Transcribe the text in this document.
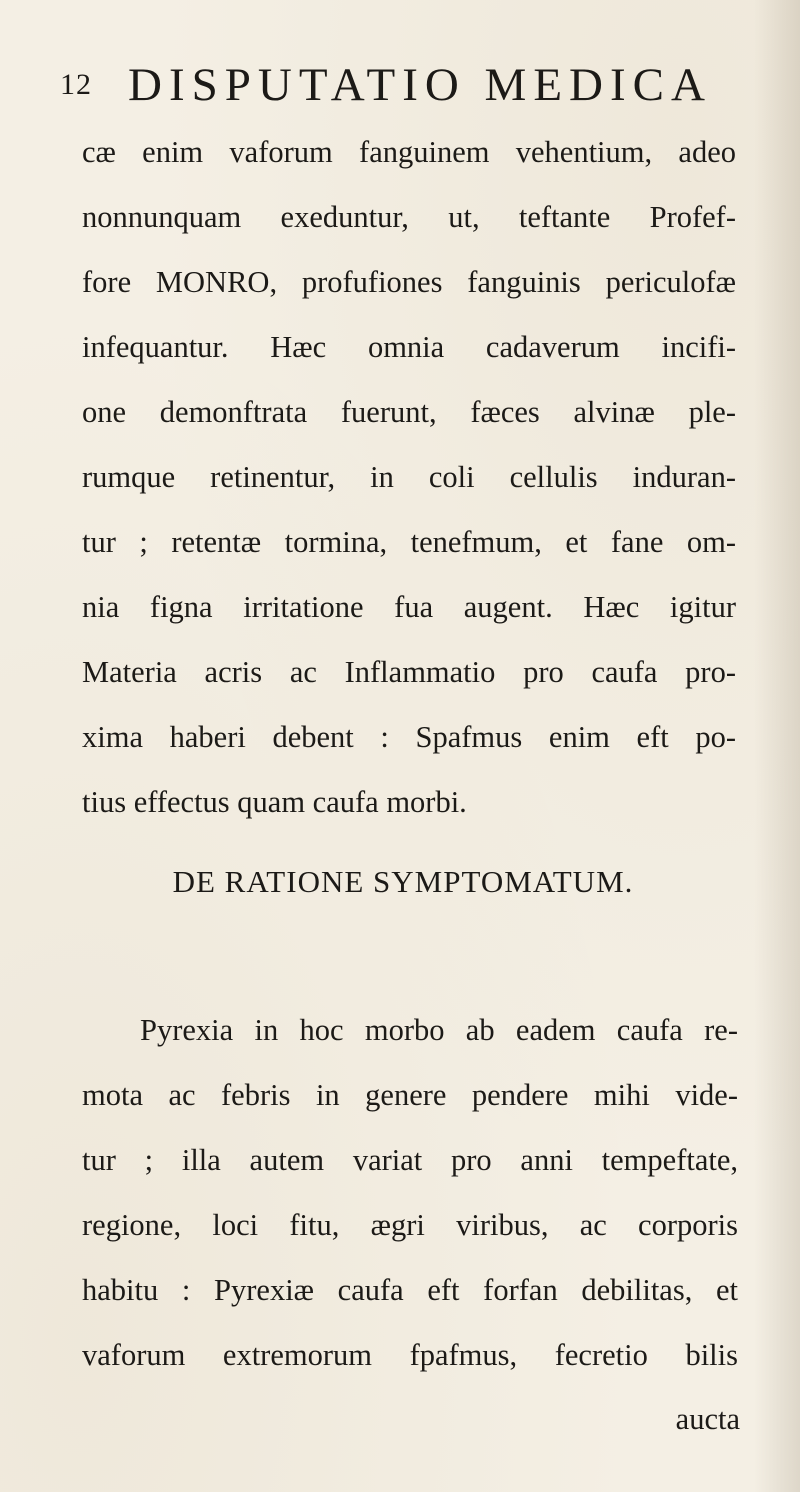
12 DISPUTATIO MEDICA
cæ enim vaforum fanguinem vehentium, adeo
nonnunquam exeduntur, ut, teftante Profef-
fore MONRO, profufiones fanguinis periculofæ
infequantur. Hæc omnia cadaverum incifi-
one demonftrata fuerunt, fæces alvinæ ple-
rumque retinentur, in coli cellulis induran-
tur ; retentæ tormina, tenefmum, et fane om-
nia figna irritatione fua augent. Hæc igitur
Materia acris ac Inflammatio pro caufa pro-
xima haberi debent : Spafmus enim eft po-
tius effectus quam caufa morbi.
DE RATIONE SYMPTOMATUM.
Pyrexia in hoc morbo ab eadem caufa re-
mota ac febris in genere pendere mihi vide-
tur ; illa autem variat pro anni tempeftate,
regione, loci fitu, ægri viribus, ac corporis
habitu : Pyrexiæ caufa eft forfan debilitas, et
vaforum extremorum fpafmus, fecretio bilis
aucta
